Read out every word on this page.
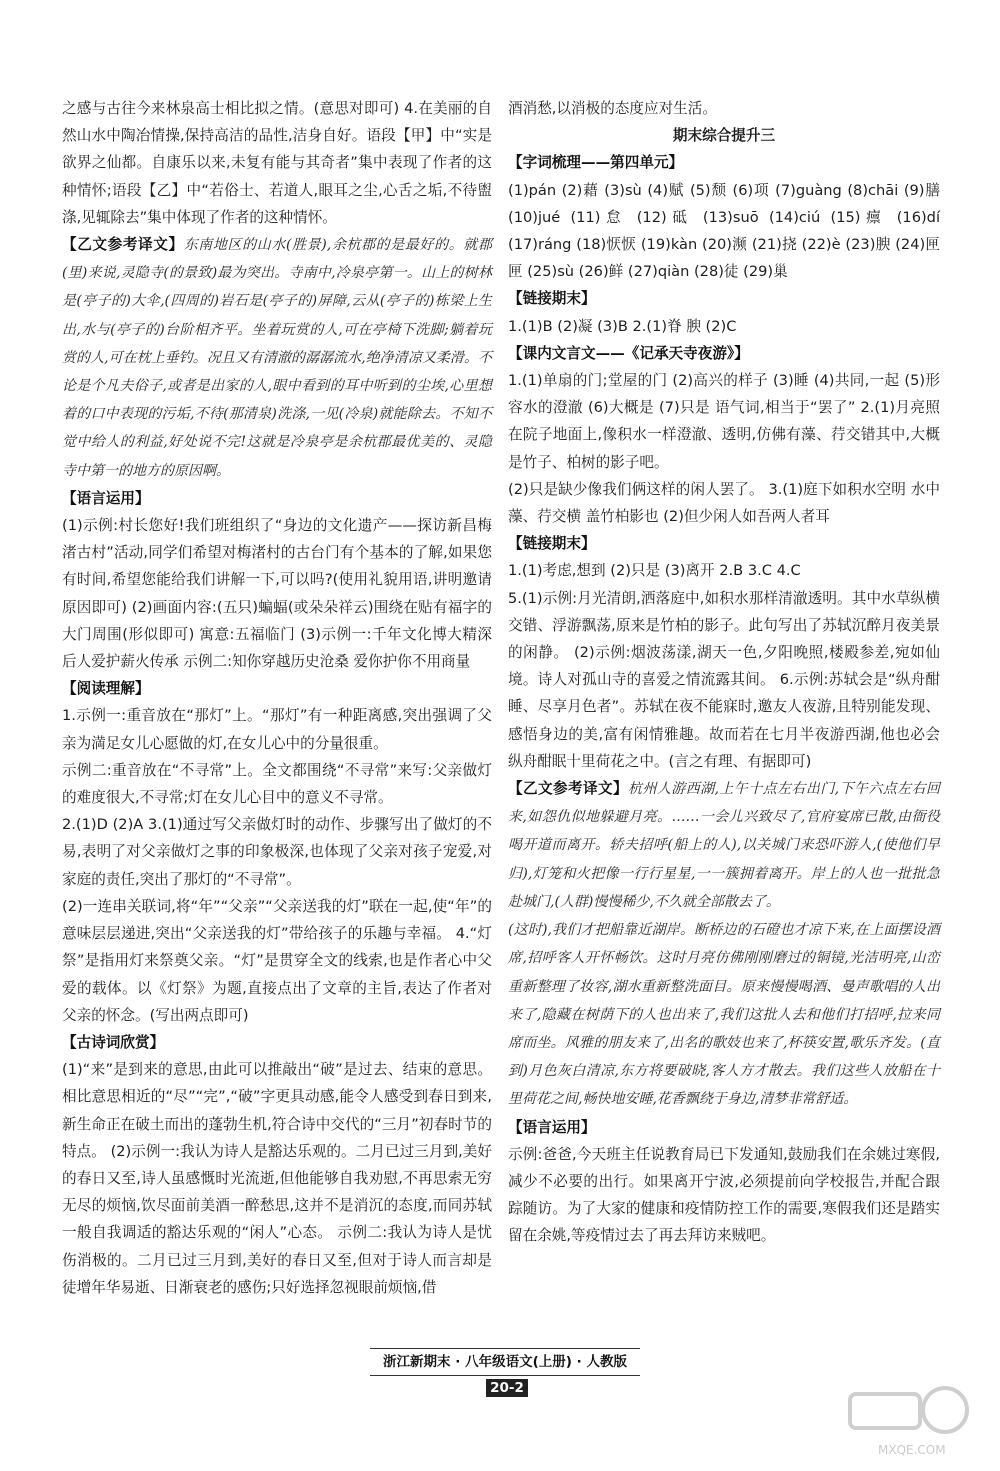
之感与古往今来林泉高士相比拟之情。(意思对即可) 4.在美丽的自然山水中陶冶情操,保持高洁的品性,洁身自好。语段【甲】中“实是欲界之仙都。自康乐以来,未复有能与其奇者”集中表现了作者的这种情怀;语段【乙】中“若俗士、若道人,眼耳之尘,心舌之垢,不待盥涤,见辄除去”集中体现了作者的这种情怀。

【乙文参考译文】东南地区的山水(胜景),余杭郡的是最好的。就郡(里)来说,灵隐寺(的景致)最为突出。寺南中,冷泉亭第一。山上的树林是(亭子的)大伞,(四周的)岩石是(亭子的)屏障,云从(亭子的)栋梁上生出,水与(亭子的)台阶相齐平。坐着玩赏的人,可在亭椅下洗脚;躺着玩赏的人,可在枕上垂钓。况且又有清澈的潺潺流水,绝净清凉又柔滑。不论是个凡夫俗子,或者是出家的人,眼中看到的耳中听到的尘埃,心里想着的口中表现的污垢,不待(那清泉)洗涤,一见(冷泉)就能除去。不知不觉中给人的利益,好处说不完!这就是冷泉亭是余杭郡最优美的、灵隐寺中第一的地方的原因啊。

【语言运用】

(1)示例:村长您好!我们班组织了“身边的文化遗产——探访新昌梅渚古村”活动,同学们希望对梅渚村的古台门有个基本的了解,如果您有时间,希望您能给我们讲解一下,可以吗?(使用礼貌用语,讲明邀请原因即可) (2)画面内容:(五只)蝙蝠(或朵朵祥云)围绕在贴有福字的大门周围(形似即可) 寓意:五福临门 (3)示例一:千年文化博大精深 后人爱护薪火传承 示例二:知你穿越历史沧桑 爱你护你不用商量

【阅读理解】

1.示例一:重音放在“那灯”上。“那灯”有一种距离感,突出强调了父亲为満足女儿心愿做的灯,在女儿心中的分量很重。

示例二:重音放在“不寻常”上。全文都围绕“不寻常”来写:父亲做灯的难度很大,不寻常;灯在女儿心目中的意义不寻常。

2.(1)D (2)A 3.(1)通过写父亲做灯时的动作、步骤写出了做灯的不易,表明了对父亲做灯之事的印象极深,也体现了父亲对孩子宠爱,对家庭的责任,突出了那灯的“不寻常”。

(2)一连串关联词,将“年”“父亲”“父亲送我的灯”联在一起,使“年”的意味层层递进,突出“父亲送我的灯”带给孩子的乐趣与幸福。 4.“灯祭”是指用灯来祭奠父亲。“灯”是贯穿全文的线索,也是作者心中父爱的载体。以《灯祭》为题,直接点出了文章的主旨,表达了作者对父亲的怀念。(写出两点即可)

【古诗词欣赏】

(1)“来”是到来的意思,由此可以推敲出“破”是过去、结束的意思。相比意思相近的“尽”“完”,“破”字更具动感,能令人感受到春日到来,新生命正在破土而出的蓬勃生机,符合诗中交代的“三月”初春时节的特点。 (2)示例一:我认为诗人是豁达乐观的。二月已过三月到,美好的春日又至,诗人虽感慨时光流逝,但他能够自我劝慰,不再思索无穷无尽的烦恼,饮尽面前美酒一醉愁思,这并不是消沉的态度,而同苏轼一般自我调适的豁达乐观的“闲人”心态。 示例二:我认为诗人是忧伤消极的。二月已过三月到,美好的春日又至,但对于诗人而言却是徒增年华易逝、日渐衰老的感伤;只好选择忽视眼前烦恼,借

酒消愁,以消极的态度应对生活。

期末综合提升三

【字词梳理——第四单元】

(1)pán (2)藉 (3)sù (4)赋 (5)颓 (6)项 (7)guàng (8)chāi (9)膳 (10)jué (11)怠 (12)砥 (13)suō (14)ciú (15)癝 (16)dí (17)ráng (18)恹恹 (19)kàn (20)濒 (21)挠 (22)è (23)腴 (24)匣匣 (25)sù (26)鲜 (27)qiàn (28)徒 (29)巢

【链接期末】

1.(1)B (2)凝 (3)B 2.(1)脊 腴 (2)C

【课内文言文——《记承天寺夜游》】

1.(1)单扇的门;堂屋的门 (2)高兴的样子 (3)睡 (4)共同,一起 (5)形容水的澄澈 (6)大概是 (7)只是 语气词,相当于“罢了” 2.(1)月亮照在院子地面上,像积水一样澄澈、透明,仿佛有藻、荇交错其中,大概是竹子、柏树的影子吧。

(2)只是缺少像我们俩这样的闲人罢了。 3.(1)庭下如积水空明 水中藻、荇交横 盖竹柏影也 (2)但少闲人如吾两人者耳

【链接期末】

1.(1)考虑,想到 (2)只是 (3)离开 2.B 3.C 4.C

5.(1)示例:月光清朗,洒落庭中,如积水那样清澈透明。其中水草纵横交错、浮游飘荡,原来是竹柏的影子。此句写出了苏轼沉醉月夜美景的闲静。 (2)示例:烟波荡漾,湖天一色,夕阳晚照,楼殿参差,宛如仙境。诗人对孤山寺的喜爱之情流露其间。 6.示例:苏轼会是“纵舟酣睡、尽享月色者”。苏轼在夜不能寐时,邀友人夜游,且特别能发现、感悟身边的美,富有闲情雅趣。故而若在七月半夜游西湖,他也必会纵舟酣眠十里荷花之中。(言之有理、有据即可)

【乙文参考译文】杭州人游西湖,上午十点左右出门,下午六点左右回来,如怨仇似地躲避月亮。……一会儿兴致尽了,官府宴席已散,由衙役喝开道而离开。轿夫招呼(船上的人),以关城门来恐吓游人,(使他们早归),灯笼和火把像一行行星星,一一簇拥着离开。岸上的人也一批批急赴城门,(人群)慢慢稀少,不久就全部散去了。

(这时),我们才把船靠近湖岸。断桥边的石磴也才凉下来,在上面摆设酒席,招呼客人开怀畅饮。这时月亮仿佛刚刚磨过的铜镜,光洁明亮,山峦重新整理了妆容,湖水重新整洗面目。原来慢慢喝酒、曼声歌唱的人出来了,隐藏在树荫下的人也出来了,我们这批人去和他们打招呼,拉来同席而坐。风雅的朋友来了,出名的歌妓也来了,杯筷安置,歌乐齐发。(直到)月色灰白清凉,东方将要破晓,客人方才散去。我们这些人放船在十里荷花之间,畅快地安睡,花香飘绕于身边,清梦非常舒适。

【语言运用】

示例:爸爸,今天班主任说教育局已下发通知,鼓励我们在余姚过寒假,减少不必要的出行。如果离开宁波,必须提前向学校报告,并配合跟踪随访。为了大家的健康和疫情防控工作的需要,寒假我们还是踏实留在余姚,等疫情过去了再去拜访来贼吧。

浙江新期末 · 八年级语文(上册) · 人教版20-2
MXQE.COM
